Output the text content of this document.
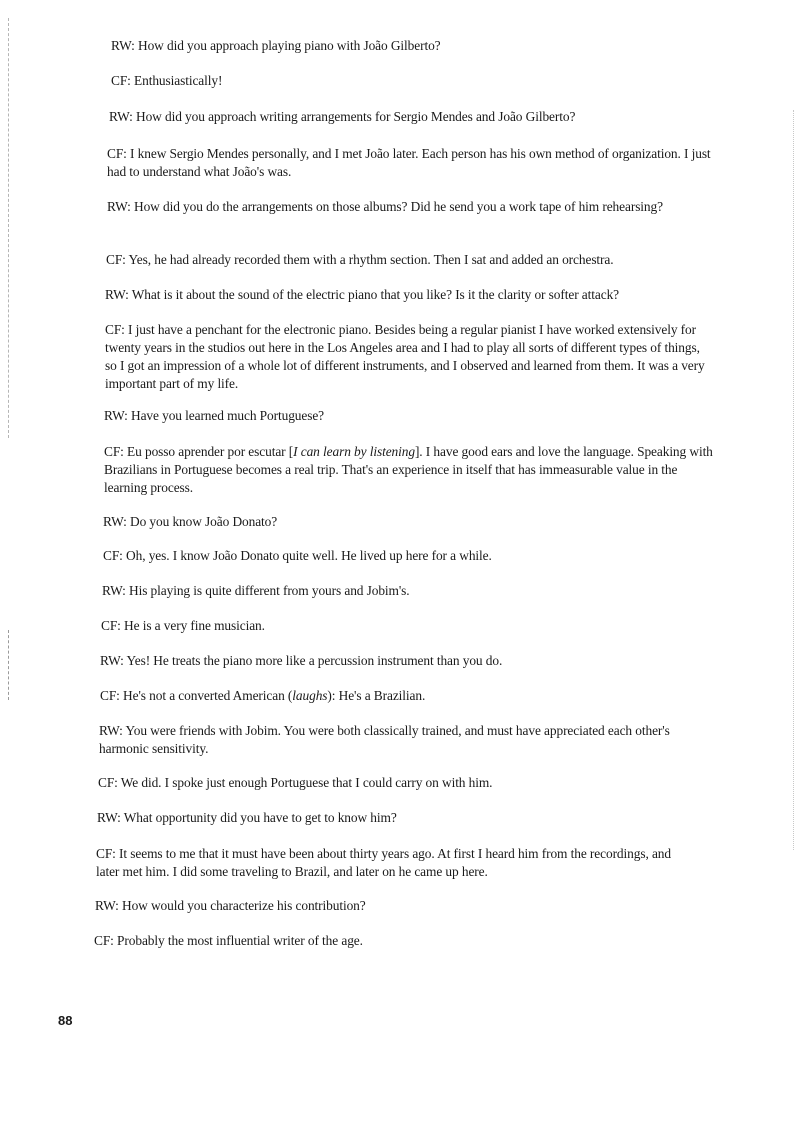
RW: How did you approach playing piano with João Gilberto?

CF: Enthusiastically!

RW: How did you approach writing arrangements for Sergio Mendes and João Gilberto?

CF: I knew Sergio Mendes personally, and I met João later. Each person has his own method of organization. I just had to understand what João's was.

RW: How did you do the arrangements on those albums? Did he send you a work tape of him rehearsing?

CF: Yes, he had already recorded them with a rhythm section. Then I sat and added an orchestra.

RW: What is it about the sound of the electric piano that you like? Is it the clarity or softer attack?

CF: I just have a penchant for the electronic piano. Besides being a regular pianist I have worked extensively for twenty years in the studios out here in the Los Angeles area and I had to play all sorts of different types of things, so I got an impression of a whole lot of different instruments, and I observed and learned from them. It was a very important part of my life.

RW: Have you learned much Portuguese?

CF: Eu posso aprender por escutar [I can learn by listening]. I have good ears and love the language. Speaking with Brazilians in Portuguese becomes a real trip. That's an experience in itself that has immeasurable value in the learning process.

RW: Do you know João Donato?

CF: Oh, yes. I know João Donato quite well. He lived up here for a while.

RW: His playing is quite different from yours and Jobim's.

CF: He is a very fine musician.

RW: Yes! He treats the piano more like a percussion instrument than you do.

CF: He's not a converted American (laughs): He's a Brazilian.

RW: You were friends with Jobim. You were both classically trained, and must have appreciated each other's harmonic sensitivity.

CF: We did. I spoke just enough Portuguese that I could carry on with him.

RW: What opportunity did you have to get to know him?

CF: It seems to me that it must have been about thirty years ago. At first I heard him from the recordings, and later met him. I did some traveling to Brazil, and later on he came up here.

RW: How would you characterize his contribution?

CF: Probably the most influential writer of the age.

88
